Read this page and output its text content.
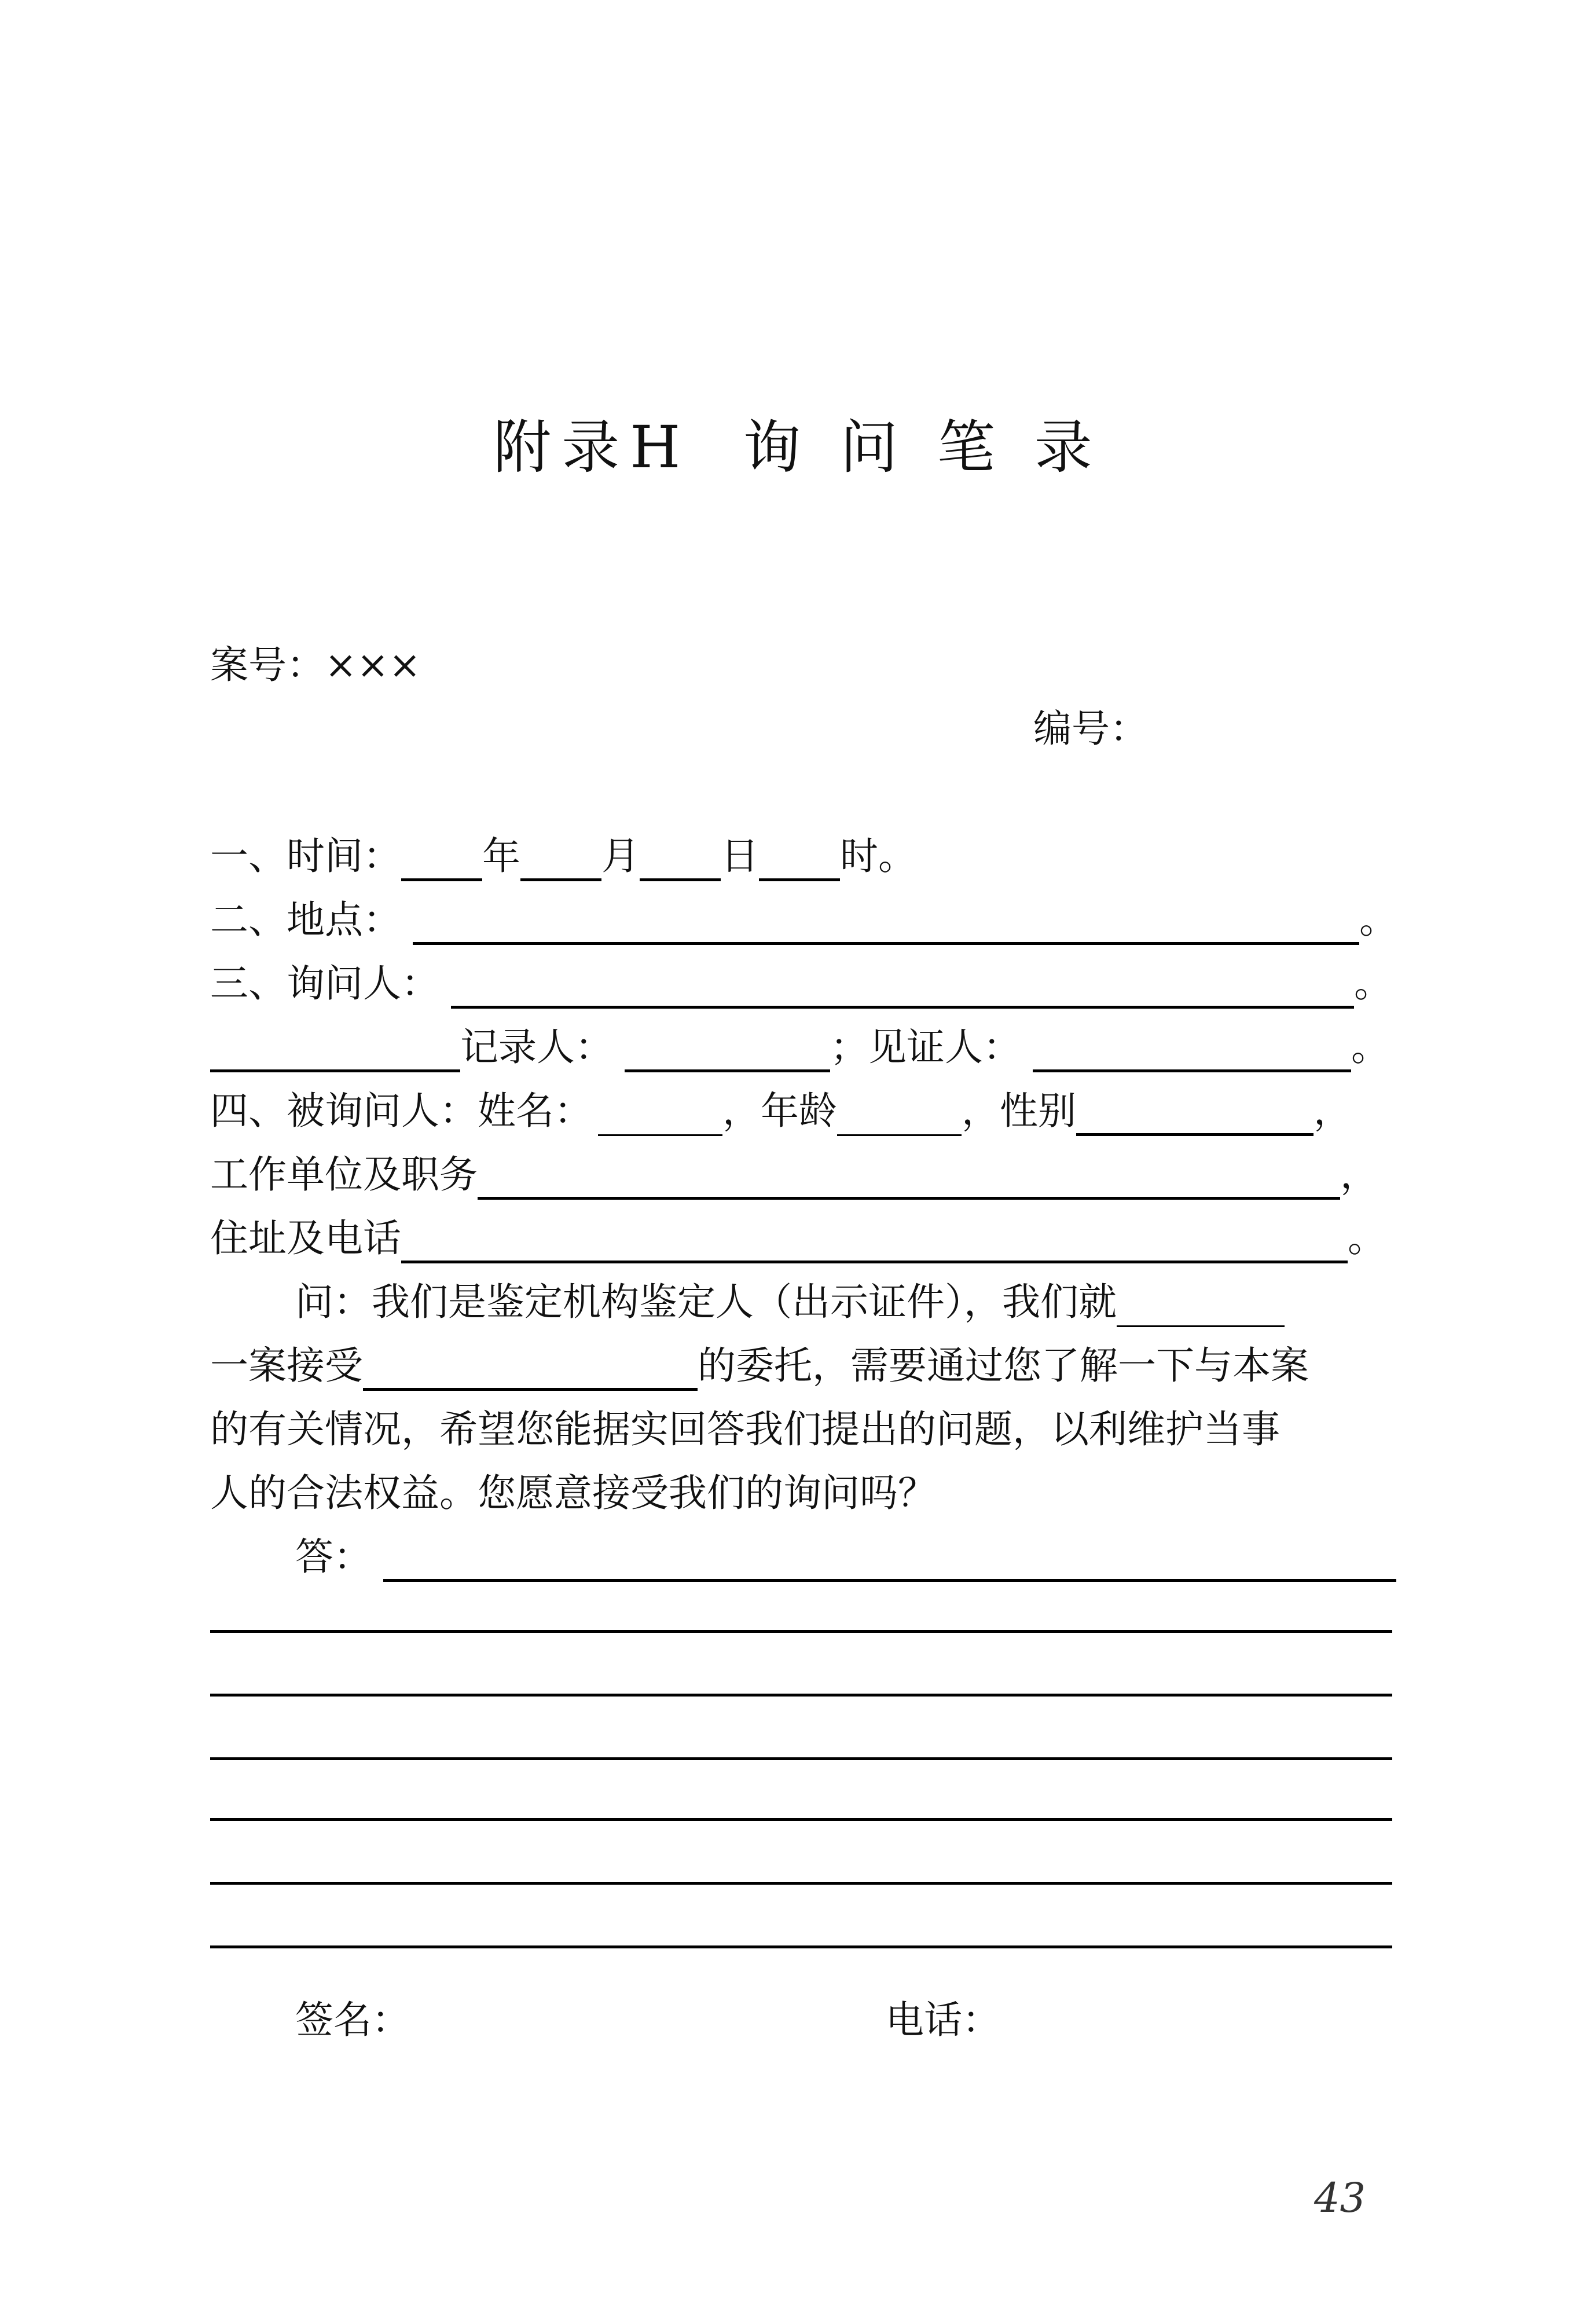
附录H 询 问 笔 录
案号：×××
编号：
一、时间： 年 月 日 时。
二、地点：	。
三、询问人：	。
记录人：	；见证人：	。
四、被询问人：姓名：	，年龄	，性别	，
工作单位及职务	，
住址及电话	。
问：我们是鉴定机构鉴定人（出示证件），我们就
一案接受	的委托，需要通过您了解一下与本案
的有关情况，希望您能据实回答我们提出的问题，以利维护当事
人的合法权益。您愿意接受我们的询问吗？
答：
签名：	电话：
43
